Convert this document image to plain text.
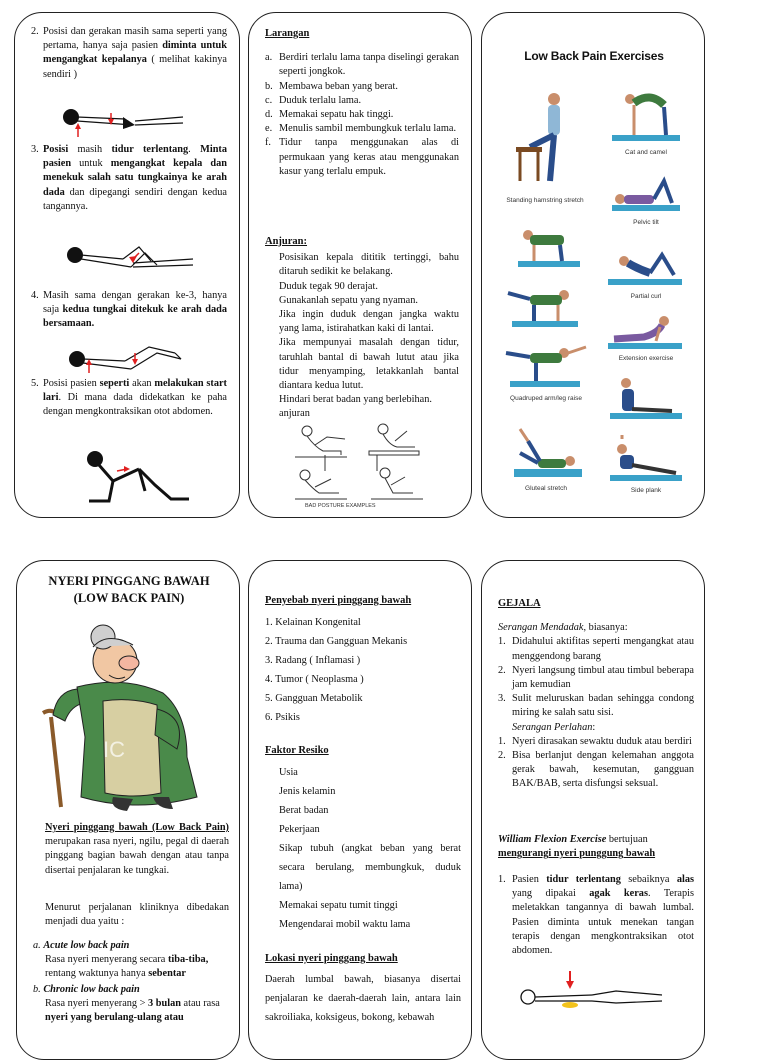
2. Posisi dan gerakan masih sama seperti yang pertama, hanya saja pasien diminta untuk mengangkat kepalanya ( melihat kakinya sendiri )
3. Posisi masih tidur terlentang. Minta pasien untuk mengangkat kepala dan menekuk salah satu tungkainya ke arah dada dan dipegangi sendiri dengan kedua tangannya.
4. Masih sama dengan gerakan ke-3, hanya saja kedua tungkai ditekuk ke arah dada bersamaan.
5. Posisi pasien seperti akan melakukan start lari. Di mana dada didekatkan ke paha dengan mengkontraksikan otot abdomen.
Larangan
a. Berdiri terlalu lama tanpa diselingi gerakan seperti jongkok.
b. Membawa beban yang berat.
c. Duduk terlalu lama.
d. Memakai sepatu hak tinggi.
e. Menulis sambil membungkuk terlalu lama.
f. Tidur tanpa menggunakan alas di permukaan yang keras atau menggunakan kasur yang terlalu empuk.
Anjuran:
Posisikan kepala dititik tertinggi, bahu ditaruh sedikit ke belakang.
Duduk tegak 90 derajat.
Gunakanlah sepatu yang nyaman.
Jika ingin duduk dengan jangka waktu yang lama, istirahatkan kaki di lantai.
Jika mempunyai masalah dengan tidur, taruhlah bantal di bawah lutut atau jika tidur menyamping, letakkanlah bantal diantara kedua lutut.
Hindari berat badan yang berlebihan.
anjuran
BAD POSTURE EXAMPLES
Low Back Pain Exercises
Standing hamstring stretch
Quadruped arm/leg raise
Gluteal stretch
Cat and camel
Pelvic tilt
Partial curl
Extension exercise
Side plank
NYERI PINGGANG BAWAH
(LOW BACK PAIN)
IC
Nyeri pinggang bawah (Low Back Pain) merupakan rasa nyeri, ngilu, pegal di daerah pinggang bagian bawah dengan atau tanpa disertai penjalaran ke tungkai.
Menurut perjalanan kliniknya dibedakan menjadi dua yaitu :
a. Acute low back pain
Rasa nyeri menyerang secara tiba-tiba, rentang waktunya hanya sebentar
b. Chronic low back pain
Rasa nyeri menyerang > 3 bulan atau rasa nyeri yang berulang-ulang atau
Penyebab nyeri pinggang bawah
1. Kelainan Kongenital
2. Trauma dan Gangguan Mekanis
3. Radang ( Inflamasi )
4. Tumor ( Neoplasma )
5. Gangguan Metabolik
6. Psikis
Faktor Resiko
Usia
Jenis kelamin
Berat badan
Pekerjaan
Sikap tubuh (angkat beban yang berat secara berulang, membungkuk, duduk lama)
Memakai sepatu tumit tinggi
Mengendarai mobil waktu lama
Lokasi nyeri pinggang bawah
Daerah lumbal bawah, biasanya disertai penjalaran ke daerah-daerah lain, antara lain sakroiliaka, koksigeus, bokong, kebawah
GEJALA
Serangan Mendadak, biasanya:
1. Didahului aktifitas seperti mengangkat atau menggendong barang
2. Nyeri langsung timbul atau timbul beberapa jam kemudian
3. Sulit meluruskan badan sehingga condong miring ke salah satu sisi.
Serangan Perlahan:
1. Nyeri dirasakan sewaktu duduk atau berdiri
2. Bisa berlanjut dengan kelemahan anggota gerak bawah, kesemutan, gangguan BAK/BAB, serta disfungsi seksual.
William Flexion Exercise bertujuan
mengurangi nyeri punggung bawah
1. Pasien tidur terlentang sebaiknya alas yang dipakai agak keras. Terapis meletakkan tangannya di bawah lumbal. Pasien diminta untuk menekan tangan terapis dengan mengkontraksikan otot abdomen.
